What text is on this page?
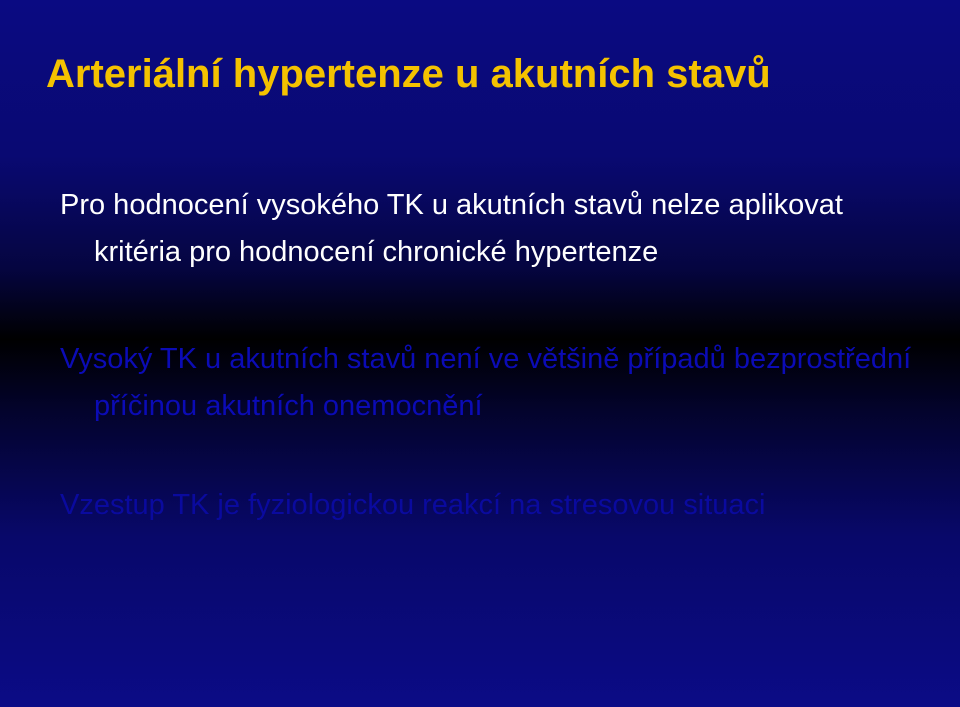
Arteriální hypertenze u akutních stavů
Pro hodnocení vysokého TK u akutních stavů nelze aplikovat kritéria pro hodnocení chronické hypertenze
Vysoký TK u akutních stavů není ve většině případů bezprostřední příčinou akutních onemocnění
Vzestup TK je fyziologickou reakcí na stresovou situaci
